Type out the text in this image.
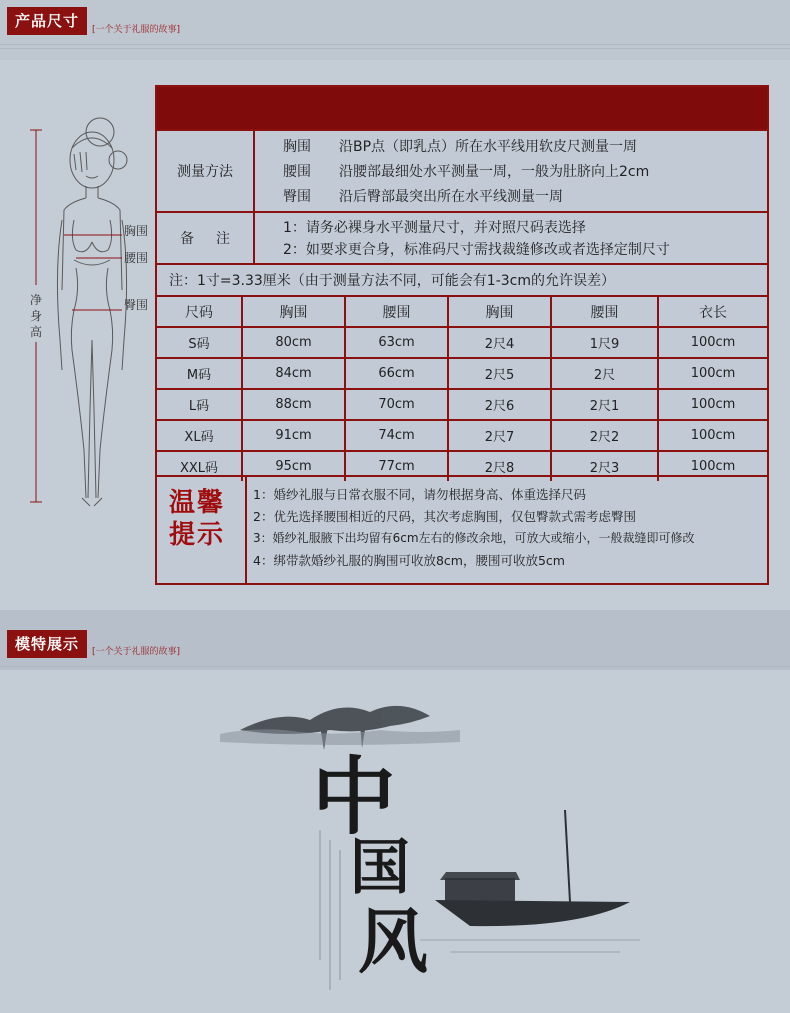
产品尺寸	[一个关于礼服的故事]
胸围
腰围
臀围
净身高
测量方法
胸围 沿BP点（即乳点）所在水平线用软皮尺测量一周
腰围 沿腰部最细处水平测量一周，一般为肚脐向上2cm
臀围 沿后臀部最突出所在水平线测量一周
备注
1：请务必裸身水平测量尺寸，并对照尺码表选择
2：如要求更合身，标准码尺寸需找裁缝修改或者选择定制尺寸
注：1寸=3.33厘米（由于测量方法不同，可能会有1-3cm的允许误差）
尺码	胸围	腰围	胸围	腰围	衣长
S码	80cm	63cm	2尺4	1尺9	100cm
M码	84cm	66cm	2尺5	2尺	100cm
L码	88cm	70cm	2尺6	2尺1	100cm
XL码	91cm	74cm	2尺7	2尺2	100cm
XXL码	95cm	77cm	2尺8	2尺3	100cm
温馨提示
1：婚纱礼服与日常衣服不同，请勿根据身高、体重选择尺码
2：优先选择腰围相近的尺码，其次考虑胸围，仅包臀款式需考虑臀围
3：婚纱礼服腋下出均留有6cm左右的修改余地，可放大或缩小，一般裁缝即可修改
4：绑带款婚纱礼服的胸围可收放8cm，腰围可收放5cm
模特展示	[一个关于礼服的故事]
中
国
风
